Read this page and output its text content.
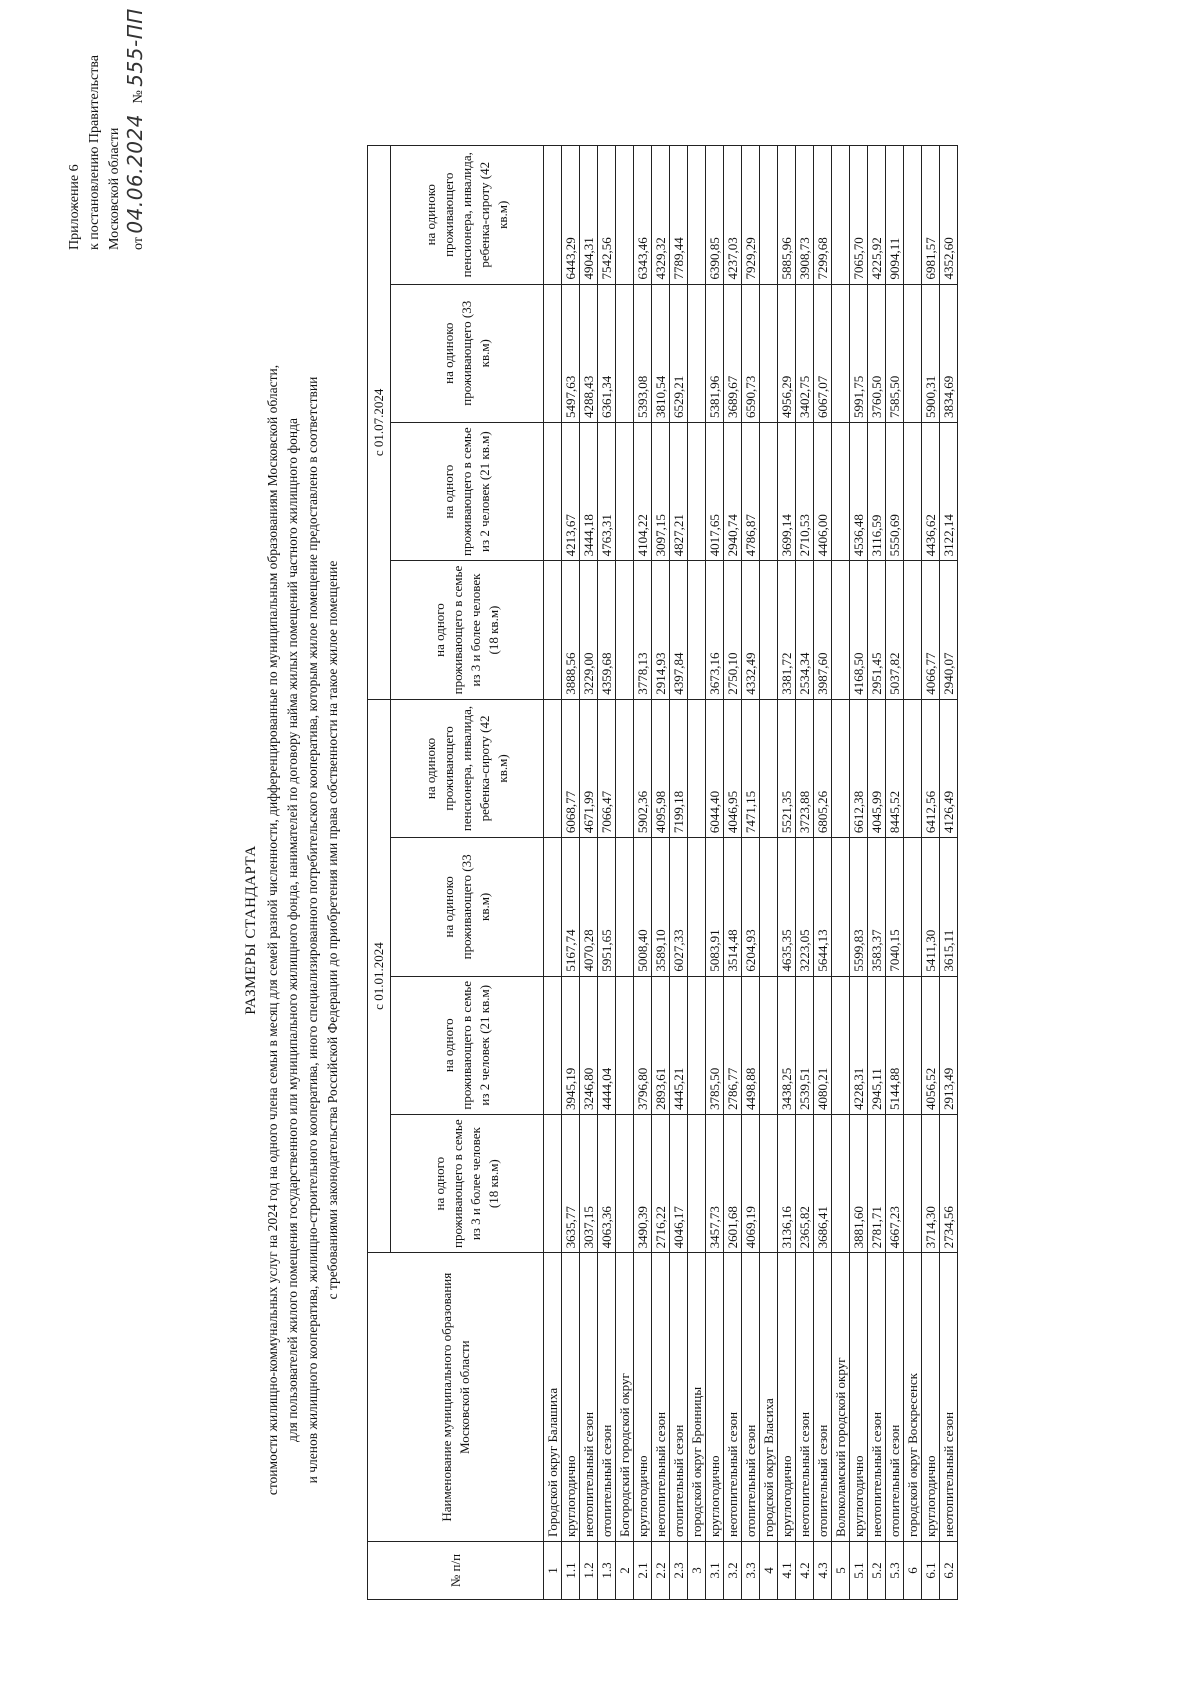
Приложение 6 к постановлению Правительства Московской области от 04.06.2024   № 555-ПП
РАЗМЕРЫ СТАНДАРТА стоимости жилищно-коммунальных услуг на 2024 год на одного члена семьи в месяц для семей разной численности, дифференцированные по муниципальным образованиям Московской области, для пользователей жилого помещения государственного или муниципального жилищного фонда, нанимателей по договору найма жилых помещений частного жилищного фонда и членов жилищного кооператива, жилищно-строительного кооператива, иного специализированного потребительского кооператива, которым жилое помещение предоставлено в соответствии с требованиями законодательства Российской Федерации до приобретения ими права собственности на такое жилое помещение
№ п/п	Наименование муниципального образования Московской области	с 01.01.2024				с 01.07.2024			
		на одного проживающего в семье из 3 и более человек (18 кв.м)	на одного проживающего в семье из 2 человек (21 кв.м)	на одиноко проживающего (33 кв.м)	на одиноко проживающего пенсионера, инвалида, ребенка-сироту (42 кв.м)	на одного проживающего в семье из 3 и более человек (18 кв.м)	на одного проживающего в семье из 2 человек (21 кв.м)	на одиноко проживающего (33 кв.м)	на одиноко проживающего пенсионера, инвалида, ребенка-сироту (42 кв.м)
1	Городской округ Балашиха								
1.1	круглогодично	3635,77	3945,19	5167,74	6068,77	3888,56	4213,67	5497,63	6443,29
1.2	неотопительный сезон	3037,15	3246,80	4070,28	4671,99	3229,00	3444,18	4288,43	4904,31
1.3	отопительный сезон	4063,36	4444,04	5951,65	7066,47	4359,68	4763,31	6361,34	7542,56
2	Богородский городской округ								
2.1	круглогодично	3490,39	3796,80	5008,40	5902,36	3778,13	4104,22	5393,08	6343,46
2.2	неотопительный сезон	2716,22	2893,61	3589,10	4095,98	2914,93	3097,15	3810,54	4329,32
2.3	отопительный сезон	4046,17	4445,21	6027,33	7199,18	4397,84	4827,21	6529,21	7789,44
3	городской округ Бронницы								
3.1	круглогодично	3457,73	3785,50	5083,91	6044,40	3673,16	4017,65	5381,96	6390,85
3.2	неотопительный сезон	2601,68	2786,77	3514,48	4046,95	2750,10	2940,74	3689,67	4237,03
3.3	отопительный сезон	4069,19	4498,88	6204,93	7471,15	4332,49	4786,87	6590,73	7929,29
4	городской округ Власиха								
4.1	круглогодично	3136,16	3438,25	4635,35	5521,35	3381,72	3699,14	4956,29	5885,96
4.2	неотопительный сезон	2365,82	2539,51	3223,05	3723,88	2534,34	2710,53	3402,75	3908,73
4.3	отопительный сезон	3686,41	4080,21	5644,13	6805,26	3987,60	4406,00	6067,07	7299,68
5	Волоколамский городской округ								
5.1	круглогодично	3881,60	4228,31	5599,83	6612,38	4168,50	4536,48	5991,75	7065,70
5.2	неотопительный сезон	2781,71	2945,11	3583,37	4045,99	2951,45	3116,59	3760,50	4225,92
5.3	отопительный сезон	4667,23	5144,88	7040,15	8445,52	5037,82	5550,69	7585,50	9094,11
6	городской округ Воскресенск								
6.1	круглогодично	3714,30	4056,52	5411,30	6412,56	4066,77	4436,62	5900,31	6981,57
6.2	неотопительный сезон	2734,56	2913,49	3615,11	4126,49	2940,07	3122,14	3834,69	4352,60
